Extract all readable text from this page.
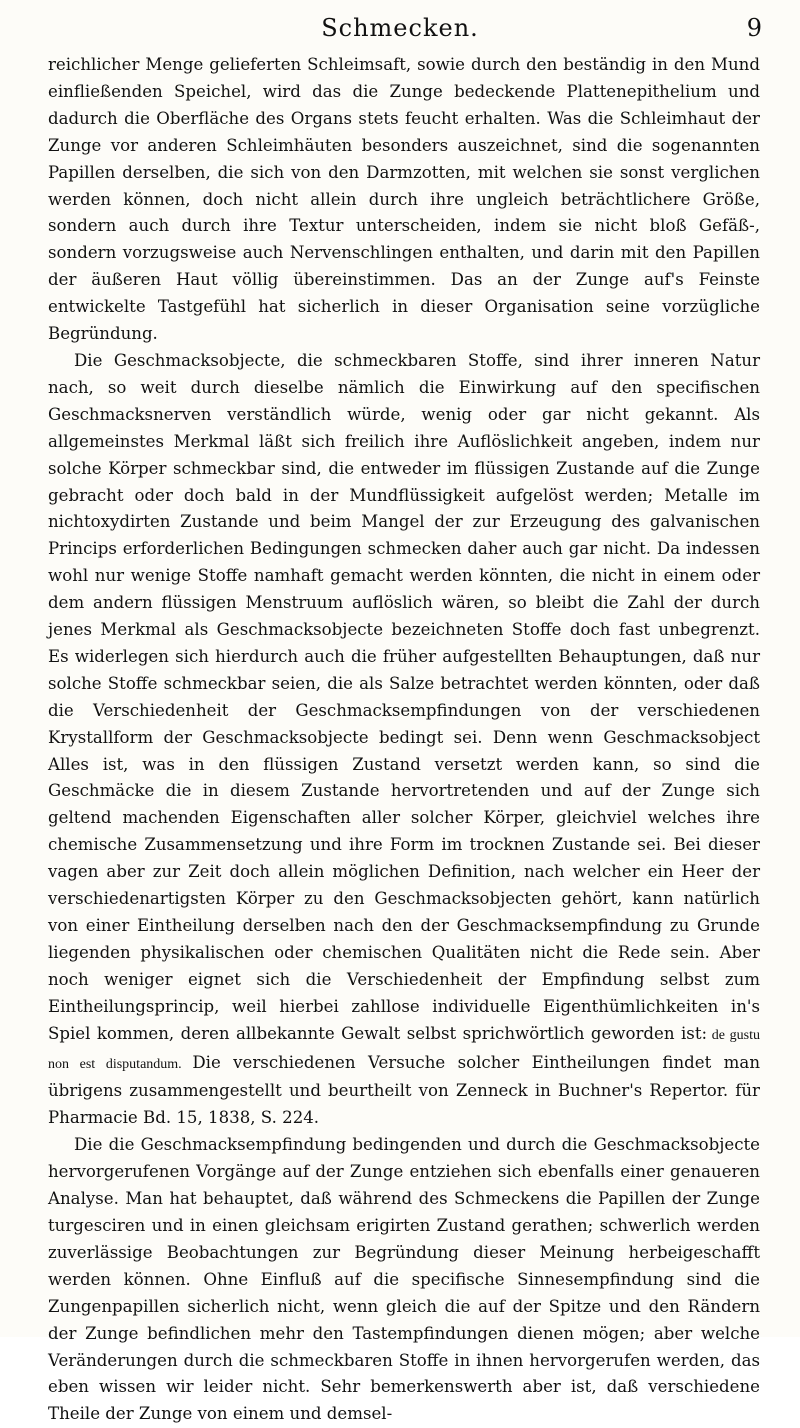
Schmecken.	9

reichlicher Menge gelieferten Schleimsaft, sowie durch den beständig in den Mund einfließenden Speichel, wird das die Zunge bedeckende Plattenepithelium und dadurch die Oberfläche des Organs stets feucht erhalten. Was die Schleimhaut der Zunge vor anderen Schleimhäuten besonders auszeichnet, sind die sogenannten Papillen derselben, die sich von den Darmzotten, mit welchen sie sonst verglichen werden können, doch nicht allein durch ihre ungleich beträchtlichere Größe, sondern auch durch ihre Textur unterscheiden, indem sie nicht bloß Gefäß-, sondern vorzugsweise auch Nervenschlingen enthalten, und darin mit den Papillen der äußeren Haut völlig übereinstimmen. Das an der Zunge auf's Feinste entwickelte Tastgefühl hat sicherlich in dieser Organisation seine vorzügliche Begründung.

Die Geschmacksobjecte, die schmeckbaren Stoffe, sind ihrer inneren Natur nach, so weit durch dieselbe nämlich die Einwirkung auf den specifischen Geschmacksnerven verständlich würde, wenig oder gar nicht gekannt. Als allgemeinstes Merkmal läßt sich freilich ihre Auflöslichkeit angeben, indem nur solche Körper schmeckbar sind, die entweder im flüssigen Zustande auf die Zunge gebracht oder doch bald in der Mundflüssigkeit aufgelöst werden; Metalle im nichtoxydirten Zustande und beim Mangel der zur Erzeugung des galvanischen Princips erforderlichen Bedingungen schmecken daher auch gar nicht. Da indessen wohl nur wenige Stoffe namhaft gemacht werden könnten, die nicht in einem oder dem andern flüssigen Menstruum auflöslich wären, so bleibt die Zahl der durch jenes Merkmal als Geschmacksobjecte bezeichneten Stoffe doch fast unbegrenzt. Es widerlegen sich hierdurch auch die früher aufgestellten Behauptungen, daß nur solche Stoffe schmeckbar seien, die als Salze betrachtet werden könnten, oder daß die Verschiedenheit der Geschmacksempfindungen von der verschiedenen Krystallform der Geschmacksobjecte bedingt sei. Denn wenn Geschmacksobject Alles ist, was in den flüssigen Zustand versetzt werden kann, so sind die Geschmäcke die in diesem Zustande hervortretenden und auf der Zunge sich geltend machenden Eigenschaften aller solcher Körper, gleichviel welches ihre chemische Zusammensetzung und ihre Form im trocknen Zustande sei. Bei dieser vagen aber zur Zeit doch allein möglichen Definition, nach welcher ein Heer der verschiedenartigsten Körper zu den Geschmacksobjecten gehört, kann natürlich von einer Eintheilung derselben nach den der Geschmacksempfindung zu Grunde liegenden physikalischen oder chemischen Qualitäten nicht die Rede sein. Aber noch weniger eignet sich die Verschiedenheit der Empfindung selbst zum Eintheilungsprincip, weil hierbei zahllose individuelle Eigenthümlichkeiten in's Spiel kommen, deren allbekannte Gewalt selbst sprichwörtlich geworden ist: de gustu non est disputandum. Die verschiedenen Versuche solcher Eintheilungen findet man übrigens zusammengestellt und beurtheilt von Zenneck in Buchner's Repertor. für Pharmacie Bd. 15, 1838, S. 224.

Die die Geschmacksempfindung bedingenden und durch die Geschmacksobjecte hervorgerufenen Vorgänge auf der Zunge entziehen sich ebenfalls einer genaueren Analyse. Man hat behauptet, daß während des Schmeckens die Papillen der Zunge turgesciren und in einen gleichsam erigirten Zustand gerathen; schwerlich werden zuverlässige Beobachtungen zur Begründung dieser Meinung herbeigeschafft werden können. Ohne Einfluß auf die specifische Sinnesempfindung sind die Zungenpapillen sicherlich nicht, wenn gleich die auf der Spitze und den Rändern der Zunge befindlichen mehr den Tastempfindungen dienen mögen; aber welche Veränderungen durch die schmeckbaren Stoffe in ihnen hervorgerufen werden, das eben wissen wir leider nicht. Sehr bemerkenswerth aber ist, daß verschiedene Theile der Zunge von einem und demsel-
